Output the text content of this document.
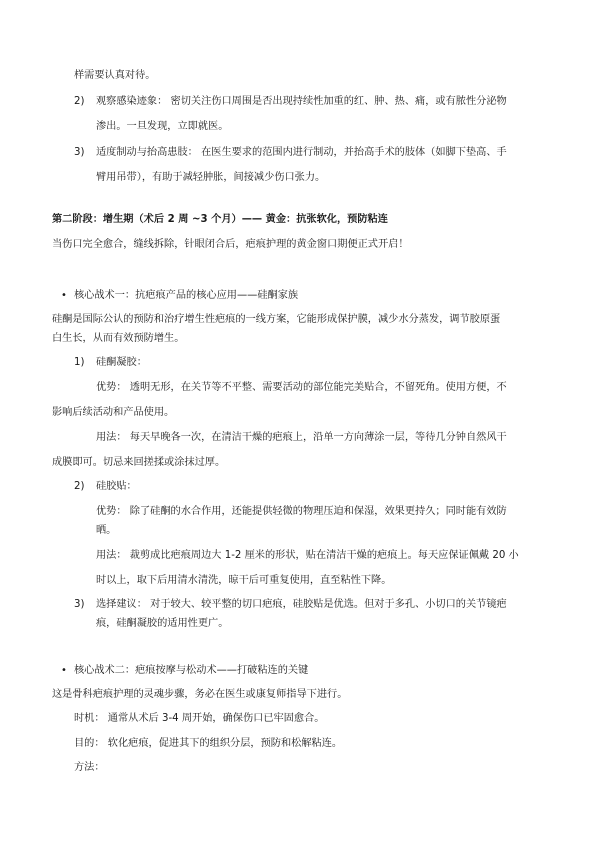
样需要认真对待。
2) 观察感染迹象： 密切关注伤口周围是否出现持续性加重的红、肿、热、痛，或有脓性分泌物
渗出。一旦发现，立即就医。
3) 适度制动与抬高患肢： 在医生要求的范围内进行制动，并抬高手术的肢体（如脚下垫高、手
臂用吊带），有助于减轻肿胀，间接减少伤口张力。
第二阶段：增生期（术后 2 周 ~3 个月）—— 黄金：抗张软化，预防粘连
当伤口完全愈合，缝线拆除，针眼闭合后，疤痕护理的黄金窗口期便正式开启！
• 核心战术一：抗疤痕产品的核心应用——硅酮家族
硅酮是国际公认的预防和治疗增生性疤痕的一线方案，它能形成保护膜，减少水分蒸发，调节胶原蛋
白生长，从而有效预防增生。
1) 硅酮凝胶：
优势： 透明无形，在关节等不平整、需要活动的部位能完美贴合，不留死角。使用方便，不
影响后续活动和产品使用。
用法： 每天早晚各一次，在清洁干燥的疤痕上，沿单一方向薄涂一层，等待几分钟自然风干
成膜即可。切忌来回搓揉或涂抹过厚。
2) 硅胶贴：
优势： 除了硅酮的水合作用，还能提供轻微的物理压迫和保湿，效果更持久；同时能有效防
晒。
用法： 裁剪成比疤痕周边大 1-2 厘米的形状，贴在清洁干燥的疤痕上。每天应保证佩戴 20 小
时以上，取下后用清水清洗，晾干后可重复使用，直至粘性下降。
3) 选择建议： 对于较大、较平整的切口疤痕，硅胶贴是优选。但对于多孔、小切口的关节镜疤
痕，硅酮凝胶的适用性更广。
• 核心战术二：疤痕按摩与松动术——打破粘连的关键
这是骨科疤痕护理的灵魂步骤，务必在医生或康复师指导下进行。
时机： 通常从术后 3-4 周开始，确保伤口已牢固愈合。
目的： 软化疤痕，促进其下的组织分层，预防和松解粘连。
方法：
